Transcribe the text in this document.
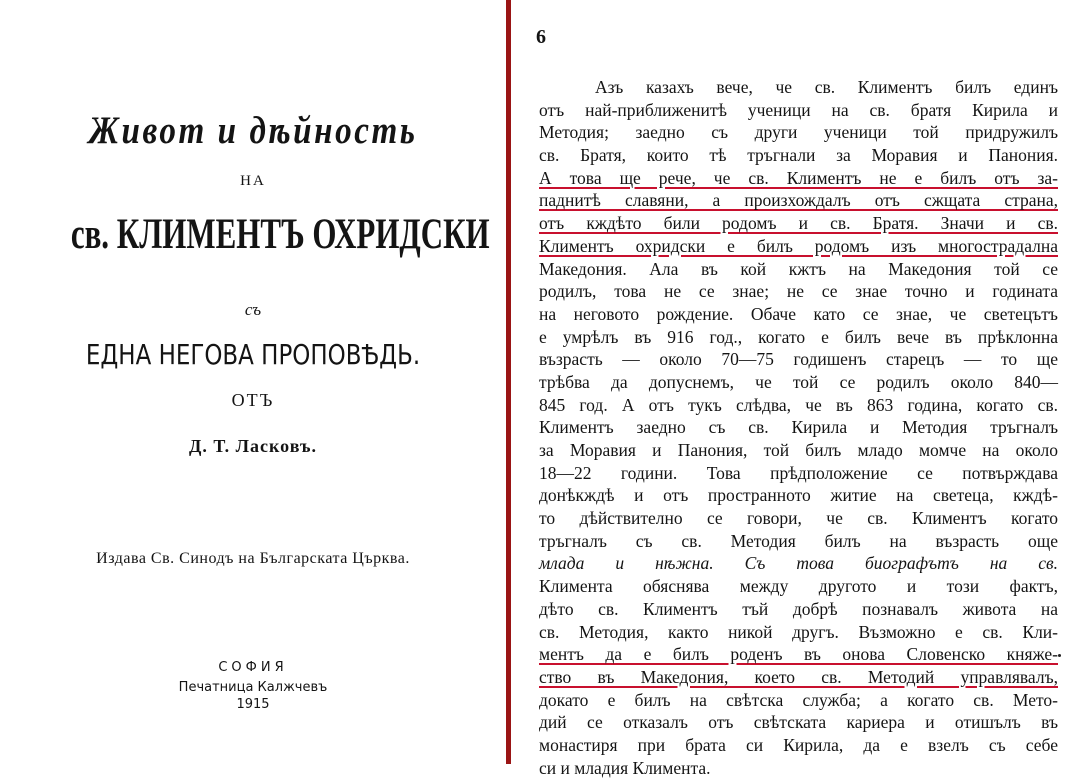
Живот и дѣйность
НА
св. КЛИМЕНТЪ ОХРИДСКИ
съ
ЕДНА НЕГОВА ПРОПОВѢДЬ.
ОТЪ
Д. Т. Ласковъ.
Издава Св. Синодъ на Българската Църква.
СОФИЯ
Печатница Калжчевъ
1915
6
Азъ казахъ вече, че св. Климентъ билъ единъ
отъ най-приближенитѣ ученици на св. братя Кирила и
Методия; заедно съ други ученици той придружилъ
св. Братя, които тѣ тръгнали за Моравия и Панония.
А това ще рече, че св. Климентъ не е билъ отъ за-
паднитѣ славяни, а произхождалъ отъ сжщата страна,
отъ кждѣто били родомъ и св. Братя. Значи и св.
Климентъ охридски е билъ родомъ изъ многострадална
Македония. Ала въ кой кжтъ на Македония той се
родилъ, това не се знае; не се знае точно и годината
на неговото рождение. Обаче като се знае, че светецътъ
е умрѣлъ въ 916 год., когато е билъ вече въ прѣклонна
възрасть — около 70—75 годишенъ старецъ — то ще
трѣбва да допуснемъ, че той се родилъ около 840—
845 год. А отъ тукъ слѣдва, че въ 863 година, когато св.
Климентъ заедно съ св. Кирила и Методия тръгналъ
за Моравия и Панония, той билъ младо момче на около
18—22 години. Това прѣдположение се потвърждава
донѣкждѣ и отъ пространното житие на светеца, кждѣ-
то дѣйствително се говори, че св. Климентъ когато
тръгналъ съ св. Методия билъ на възрасть още
млада и нѣжна. Съ това биографътъ на св.
Климента обяснява между другото и този фактъ,
дѣто св. Климентъ тъй добрѣ познавалъ живота на
св. Методия, както никой другъ. Възможно е св. Кли-
ментъ да е билъ роденъ въ онова Словенско княже-
ство въ Македония, което св. Методий управлявалъ,
докато е билъ на свѣтска служба; а когато св. Мето-
дий се отказалъ отъ свѣтската кариера и отишълъ въ
монастиря при брата си Кирила, да е взелъ съ себе
си и младия Климента.
